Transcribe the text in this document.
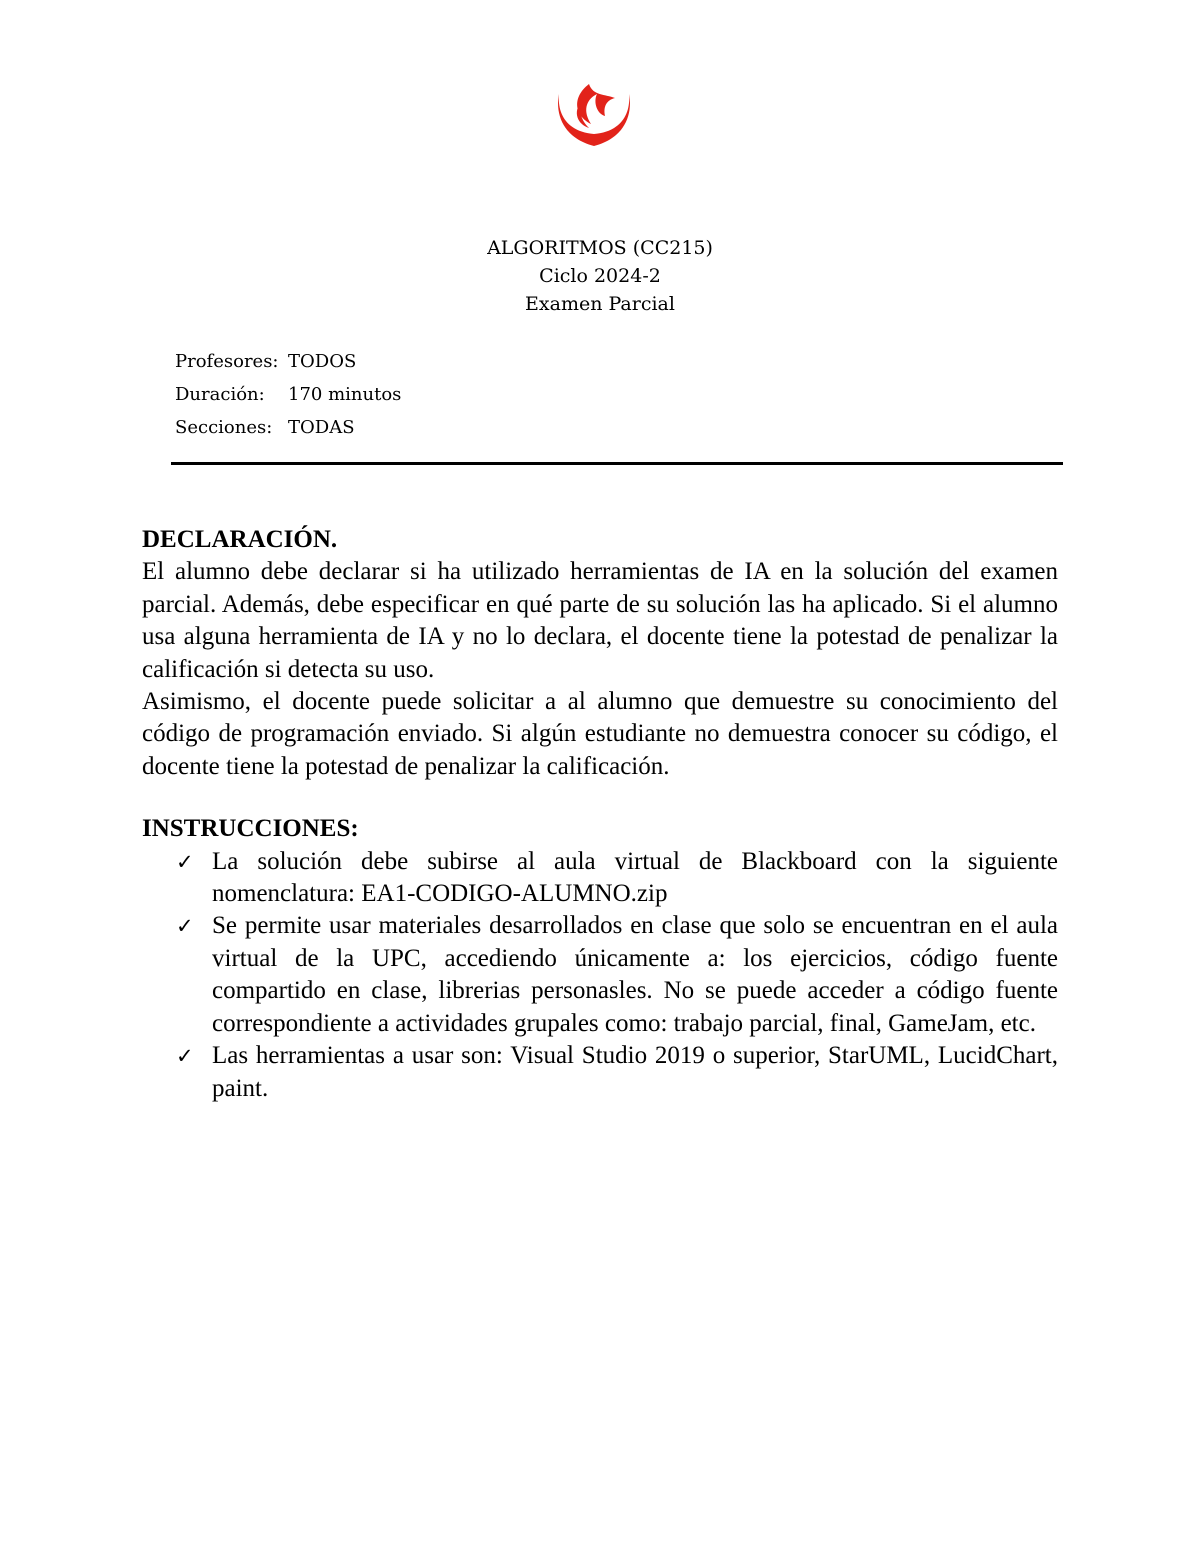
ALGORITMOS (CC215)
Ciclo 2024-2
Examen Parcial
Profesores: TODOS
Duración: 170 minutos
Secciones: TODAS

DECLARACIÓN.

El alumno debe declarar si ha utilizado herramientas de IA en la solución del examen parcial. Además, debe especificar en qué parte de su solución las ha aplicado. Si el alumno usa alguna herramienta de IA y no lo declara, el docente tiene la potestad de penalizar la calificación si detecta su uso.

Asimismo, el docente puede solicitar a al alumno que demuestre su conocimiento del código de programación enviado. Si algún estudiante no demuestra conocer su código, el docente tiene la potestad de penalizar la calificación.

INSTRUCCIONES:

✓ La solución debe subirse al aula virtual de Blackboard con la siguiente nomenclatura: EA1-CODIGO-ALUMNO.zip
✓ Se permite usar materiales desarrollados en clase que solo se encuentran en el aula virtual de la UPC, accediendo únicamente a: los ejercicios, código fuente compartido en clase, librerias personasles. No se puede acceder a código fuente correspondiente a actividades grupales como: trabajo parcial, final, GameJam, etc.
✓ Las herramientas a usar son: Visual Studio 2019 o superior, StarUML, LucidChart, paint.
